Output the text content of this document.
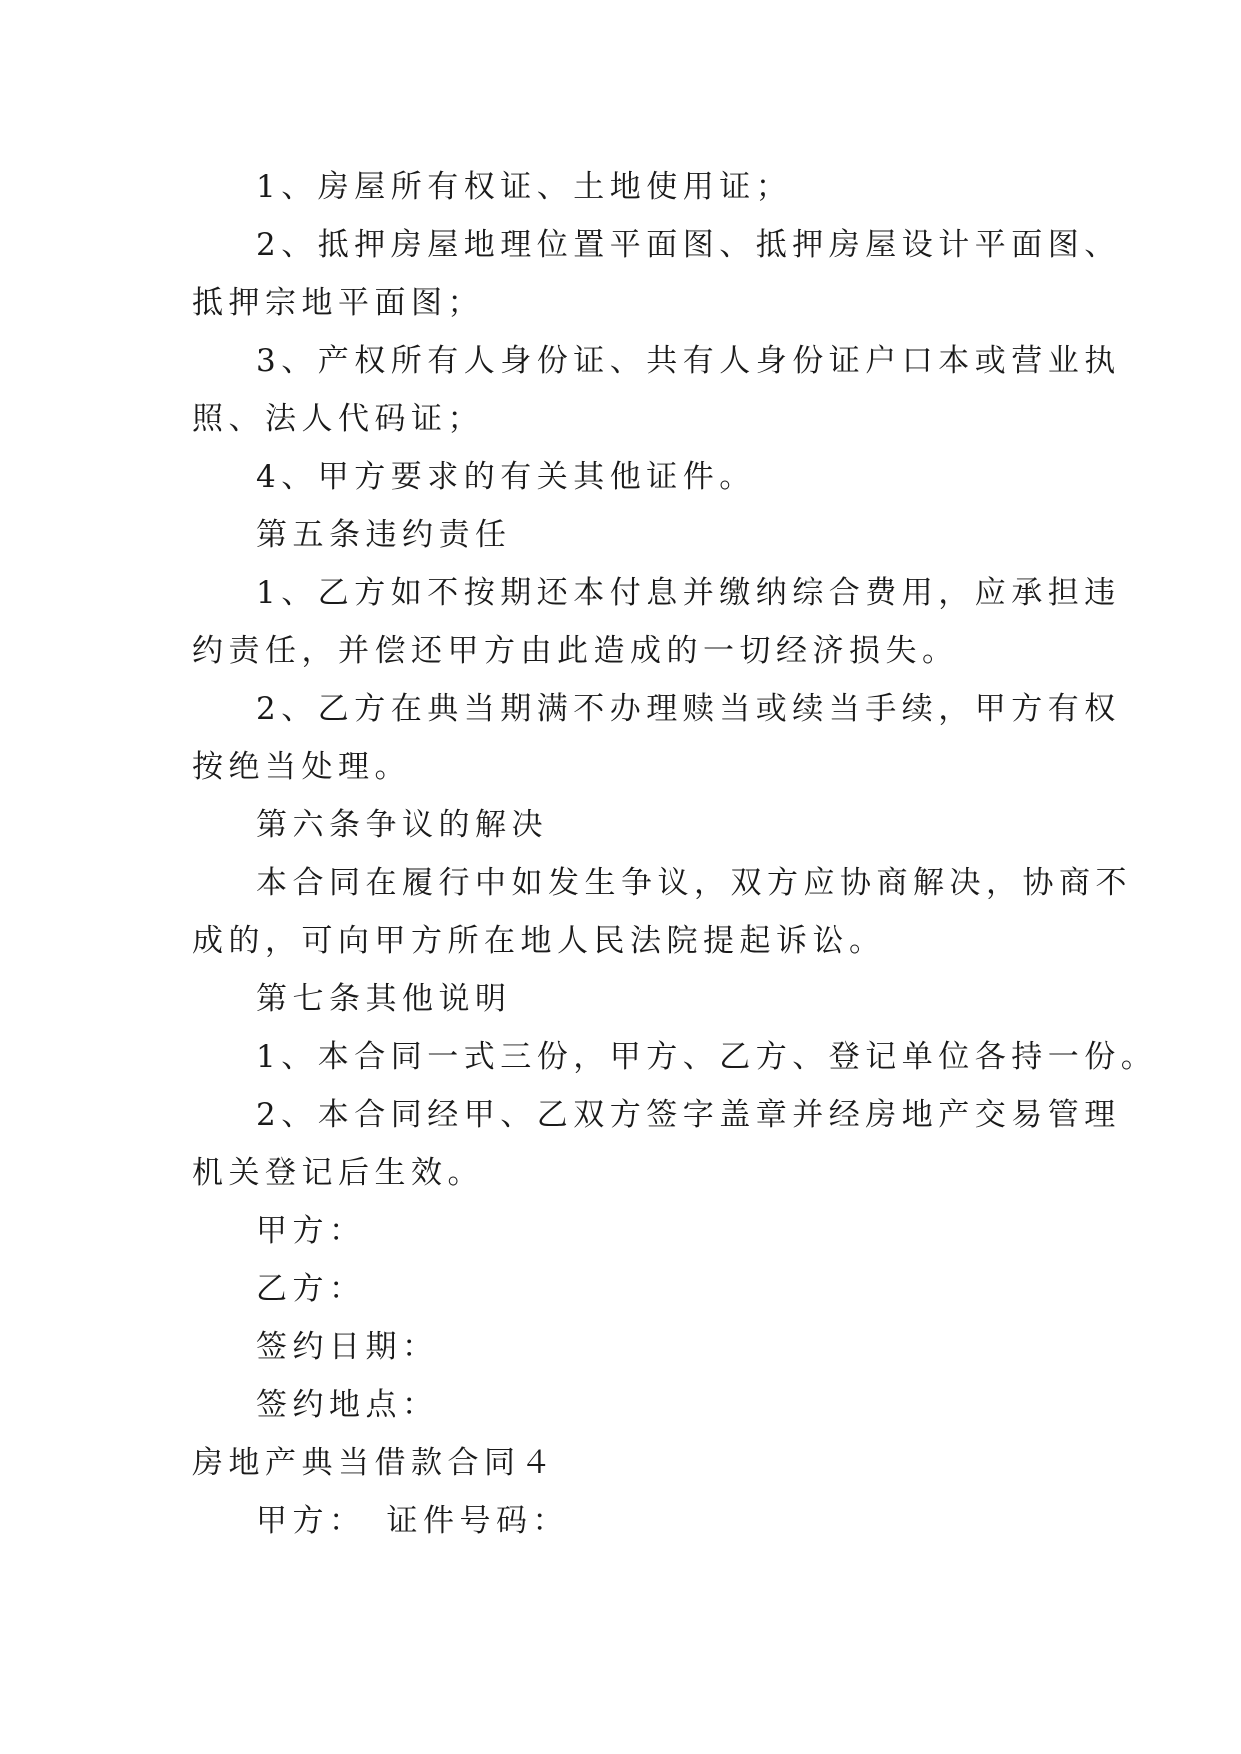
1、房屋所有权证、土地使用证；

2、抵押房屋地理位置平面图、抵押房屋设计平面图、

抵押宗地平面图；

3、产权所有人身份证、共有人身份证户口本或营业执

照、法人代码证；

4、甲方要求的有关其他证件。

第五条违约责任

1、乙方如不按期还本付息并缴纳综合费用，应承担违

约责任，并偿还甲方由此造成的一切经济损失。

2、乙方在典当期满不办理赎当或续当手续，甲方有权

按绝当处理。

第六条争议的解决

本合同在履行中如发生争议，双方应协商解决，协商不

成的，可向甲方所在地人民法院提起诉讼。

第七条其他说明

1、本合同一式三份，甲方、乙方、登记单位各持一份。

2、本合同经甲、乙双方签字盖章并经房地产交易管理

机关登记后生效。

甲方：

乙方：

签约日期：

签约地点：

房地产典当借款合同４

甲方：　证件号码：
